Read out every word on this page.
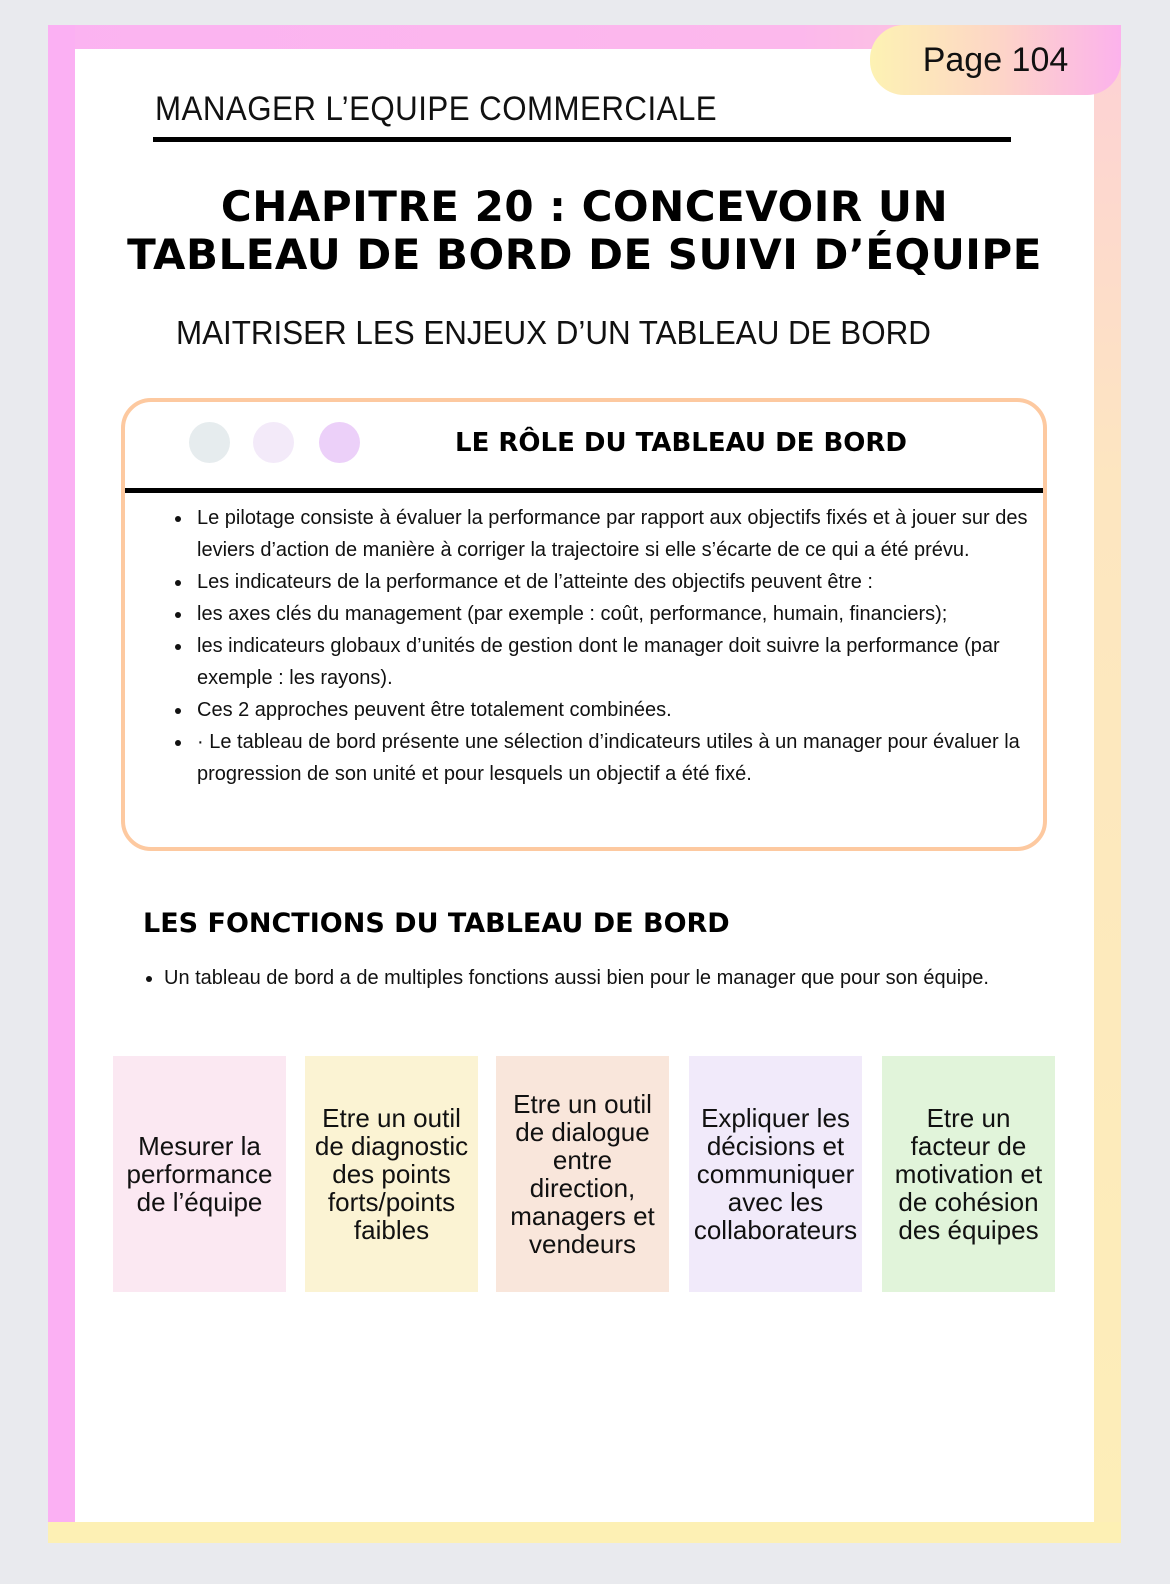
Page 104
MANAGER L’EQUIPE COMMERCIALE
CHAPITRE 20 : CONCEVOIR UN
TABLEAU DE BORD DE SUIVI D’ÉQUIPE
MAITRISER LES ENJEUX D’UN TABLEAU DE BORD
LE RÔLE DU TABLEAU DE BORD
• Le pilotage consiste à évaluer la performance par rapport aux objectifs fixés et à jouer sur des leviers d’action de manière à corriger la trajectoire si elle s’écarte de ce qui a été prévu.
• Les indicateurs de la performance et de l’atteinte des objectifs peuvent être :
• les axes clés du management (par exemple : coût, performance, humain, financiers);
• les indicateurs globaux d’unités de gestion dont le manager doit suivre la performance (par exemple : les rayons).
• Ces 2 approches peuvent être totalement combinées.
• · Le tableau de bord présente une sélection d’indicateurs utiles à un manager pour évaluer la progression de son unité et pour lesquels un objectif a été fixé.
LES FONCTIONS DU TABLEAU DE BORD
• Un tableau de bord a de multiples fonctions aussi bien pour le manager que pour son équipe.
Mesurer la performance de l’équipe
Etre un outil de diagnostic des points forts/points faibles
Etre un outil de dialogue entre direction, managers et vendeurs
Expliquer les décisions et communiquer avec les collaborateurs
Etre un facteur de motivation et de cohésion des équipes
